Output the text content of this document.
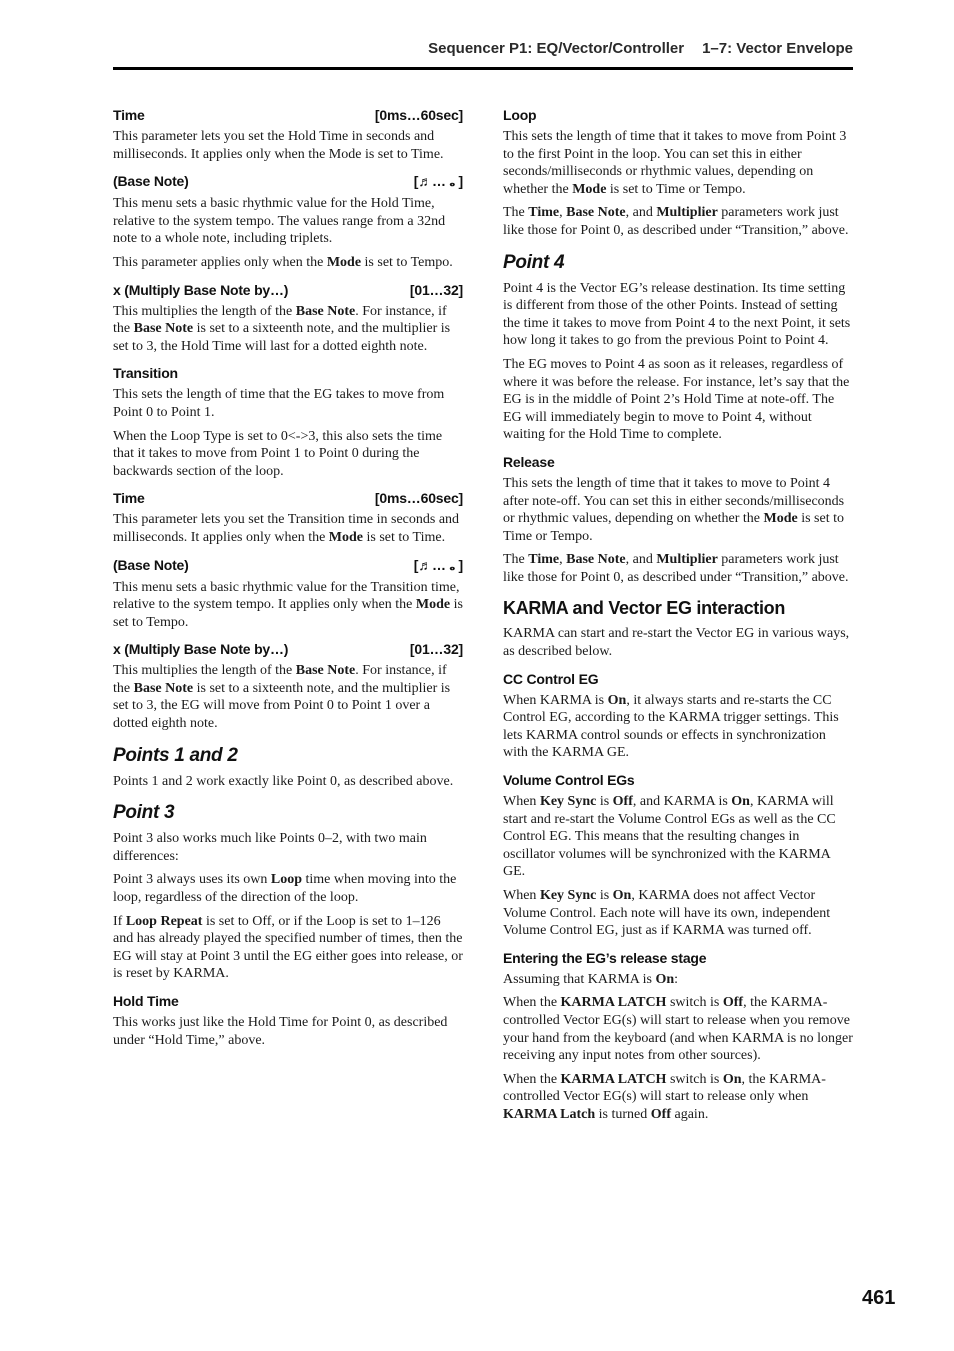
Sequencer P1: EQ/Vector/Controller 1–7: Vector Envelope
Time	[0ms…60sec]

This parameter lets you set the Hold Time in seconds and milliseconds. It applies only when the Mode is set to Time.

(Base Note)	[♬… 𝅝 ]

This menu sets a basic rhythmic value for the Hold Time, relative to the system tempo. The values range from a 32nd note to a whole note, including triplets.

This parameter applies only when the Mode is set to Tempo.

x (Multiply Base Note by…)	[01…32]

This multiplies the length of the Base Note. For instance, if the Base Note is set to a sixteenth note, and the multiplier is set to 3, the Hold Time will last for a dotted eighth note.

Transition

This sets the length of time that the EG takes to move from Point 0 to Point 1.

When the Loop Type is set to 0<->3, this also sets the time that it takes to move from Point 1 to Point 0 during the backwards section of the loop.

Time	[0ms…60sec]

This parameter lets you set the Transition time in seconds and milliseconds. It applies only when the Mode is set to Time.

(Base Note)	[♬… 𝅝 ]

This menu sets a basic rhythmic value for the Transition time, relative to the system tempo. It applies only when the Mode is set to Tempo.

x (Multiply Base Note by…)	[01…32]

This multiplies the length of the Base Note. For instance, if the Base Note is set to a sixteenth note, and the multiplier is set to 3, the EG will move from Point 0 to Point 1 over a dotted eighth note.

Points 1 and 2

Points 1 and 2 work exactly like Point 0, as described above.

Point 3

Point 3 also works much like Points 0–2, with two main differences:

Point 3 always uses its own Loop time when moving into the loop, regardless of the direction of the loop.

If Loop Repeat is set to Off, or if the Loop is set to 1–126 and has already played the specified number of times, then the EG will stay at Point 3 until the EG either goes into release, or is reset by KARMA.

Hold Time

This works just like the Hold Time for Point 0, as described under “Hold Time,” above.

Loop

This sets the length of time that it takes to move from Point 3 to the first Point in the loop. You can set this in either seconds/milliseconds or rhythmic values, depending on whether the Mode is set to Time or Tempo.

The Time, Base Note, and Multiplier parameters work just like those for Point 0, as described under “Transition,” above.

Point 4

Point 4 is the Vector EG’s release destination. Its time setting is different from those of the other Points. Instead of setting the time it takes to move from Point 4 to the next Point, it sets how long it takes to go from the previous Point to Point 4.

The EG moves to Point 4 as soon as it releases, regardless of where it was before the release. For instance, let’s say that the EG is in the middle of Point 2’s Hold Time at note-off. The EG will immediately begin to move to Point 4, without waiting for the Hold Time to complete.

Release

This sets the length of time that it takes to move to Point 4 after note-off. You can set this in either seconds/milliseconds or rhythmic values, depending on whether the Mode is set to Time or Tempo.

The Time, Base Note, and Multiplier parameters work just like those for Point 0, as described under “Transition,” above.

KARMA and Vector EG interaction

KARMA can start and re-start the Vector EG in various ways, as described below.

CC Control EG

When KARMA is On, it always starts and re-starts the CC Control EG, according to the KARMA trigger settings. This lets KARMA control sounds or effects in synchronization with the KARMA GE.

Volume Control EGs

When Key Sync is Off, and KARMA is On, KARMA will start and re-start the Volume Control EGs as well as the CC Control EG. This means that the resulting changes in oscillator volumes will be synchronized with the KARMA GE.

When Key Sync is On, KARMA does not affect Vector Volume Control. Each note will have its own, independent Volume Control EG, just as if KARMA was turned off.

Entering the EG’s release stage

Assuming that KARMA is On:

When the KARMA LATCH switch is Off, the KARMA-controlled Vector EG(s) will start to release when you remove your hand from the keyboard (and when KARMA is no longer receiving any input notes from other sources).

When the KARMA LATCH switch is On, the KARMA-controlled Vector EG(s) will start to release only when KARMA Latch is turned Off again.

461
